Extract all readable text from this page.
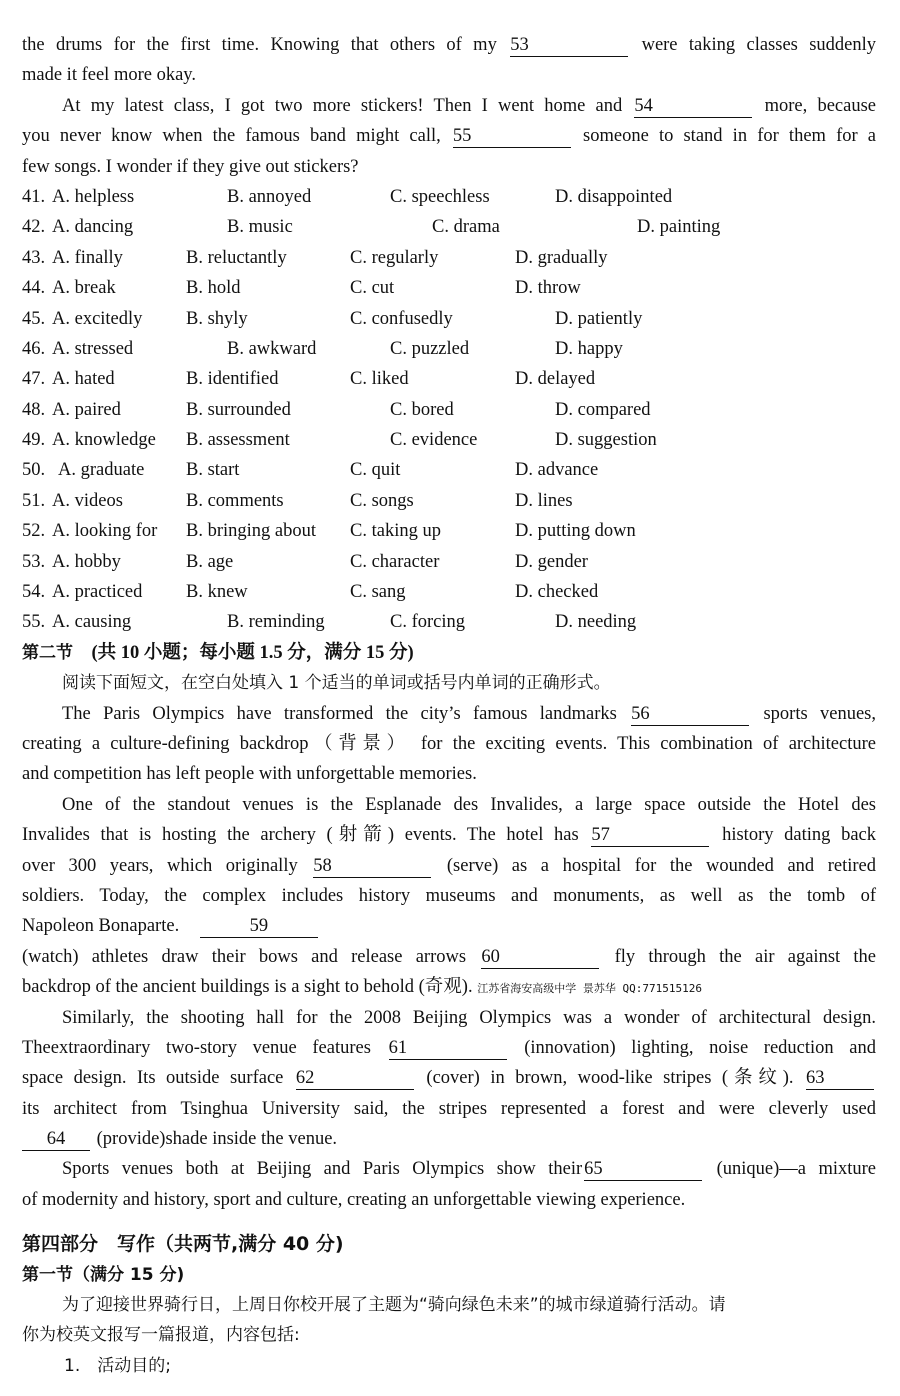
the drums for the first time. Knowing that others of my 53	were taking classes suddenly
made it feel more okay.
At my latest class, I got two more stickers! Then I went home and 54	more, because
you never know when the famous band might call, 55	someone to stand in for them for a
few songs. I wonder if they give out stickers?
41. A. helpless	B. annoyed	C. speechless	D. disappointed
42. A. dancing	B. music	C. drama	D. painting
43. A. finally	B. reluctantly	C. regularly	D. gradually
44. A. break	B. hold	C. cut	D. throw
45. A. excitedly B. shyly	C. confusedly	D. patiently
46. A. stressed	B. awkward	C. puzzled	D. happy
47. A. hated	B. identified	C. liked	D. delayed
48. A. paired	B. surrounded	C. bored	D. compared
49. A. knowledge B. assessment	C. evidence	D. suggestion
50. A. graduate B. start	C. quit	D. advance
51. A. videos	B. comments	C. songs	D. lines
52. A. looking for B. bringing about C. taking up	D. putting down
53. A. hobby	B. age	C. character	D. gender
54. A. practiced B. knew	C. sang	D. checked
55. A. causing	B. reminding	C. forcing	D. needing
第二节　 (共 10 小题；每小题 1.5 分，满分 15 分)
阅读下面短文，在空白处填入 1 个适当的单词或括号内单词的正确形式。
The Paris Olympics have transformed the city’s famous landmarks 56	sports venues,
creating a culture-defining backdrop（背景） for the exciting events. This combination of architecture
and competition has left people with unforgettable memories.
One of the standout venues is the Esplanade des Invalides, a large space outside the Hotel des
Invalides that is hosting the archery (射箭) events. The hotel has 57	history dating back
over 300 years, which originally 58	(serve) as a hospital for the wounded and retired
soldiers. Today, the complex includes history museums and monuments, as well as the tomb of
Napoleon Bonaparte.	59
(watch) athletes draw their bows and release arrows 60	fly through the air against the
backdrop of the ancient buildings is a sight to behold (奇观). 江苏省海安高级中学 景苏华 QQ:771515126
Similarly, the shooting hall for the 2008 Beijing Olympics was a wonder of architectural design.
Theextraordinary two-story venue features 61	(innovation) lighting, noise reduction and
space design. Its outside surface 62	(cover) in brown, wood-like stripes (条纹). 63
its architect from Tsinghua University said, the stripes represented a forest and were cleverly used
64 (provide)shade inside the venue.
Sports venues both at Beijing and Paris Olympics show their 65	(unique)—a mixture
of modernity and history, sport and culture, creating an unforgettable viewing experience.
第四部分　写作（共两节,满分 40 分)
第一节（满分 15 分)
为了迎接世界骑行日，上周日你校开展了主题为“骑向绿色未来”的城市绿道骑行活动。请
你为校英文报写一篇报道，内容包括:
1.　活动目的;
